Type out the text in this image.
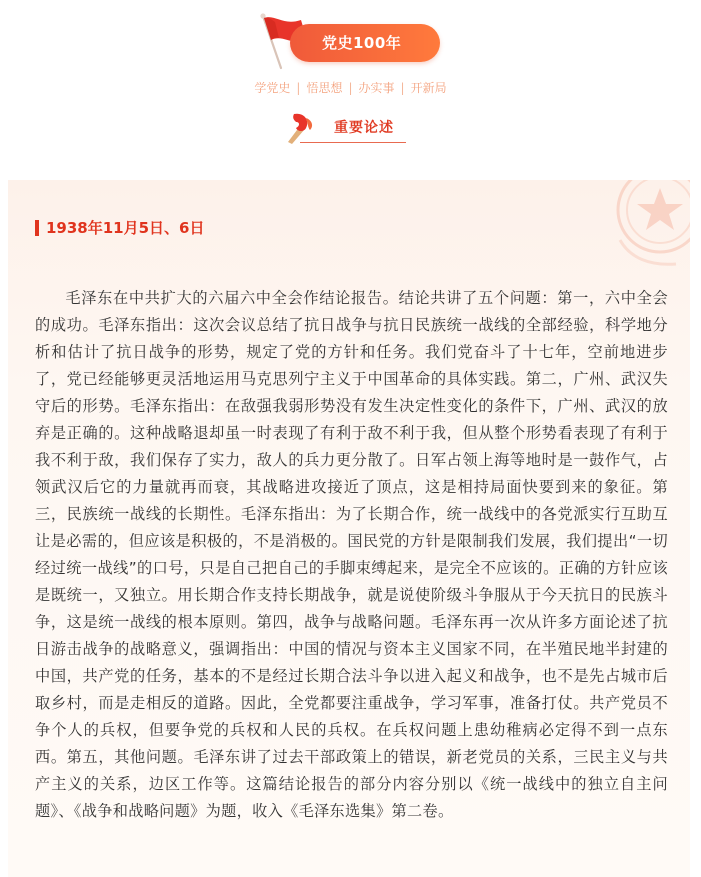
党史100年
学党史 | 悟思想 | 办实事 | 开新局
重要论述
1938年11月5日、6日

毛泽东在中共扩大的六届六中全会作结论报告。结论共讲了五个问题：第一，六中全会的成功。毛泽东指出：这次会议总结了抗日战争与抗日民族统一战线的全部经验，科学地分析和估计了抗日战争的形势，规定了党的方针和任务。我们党奋斗了十七年，空前地进步了，党已经能够更灵活地运用马克思列宁主义于中国革命的具体实践。第二，广州、武汉失守后的形势。毛泽东指出：在敌强我弱形势没有发生决定性变化的条件下，广州、武汉的放弃是正确的。这种战略退却虽一时表现了有利于敌不利于我，但从整个形势看表现了有利于我不利于敌，我们保存了实力，敌人的兵力更分散了。日军占领上海等地时是一鼓作气，占领武汉后它的力量就再而衰，其战略进攻接近了顶点，这是相持局面快要到来的象征。第三，民族统一战线的长期性。毛泽东指出：为了长期合作，统一战线中的各党派实行互助互让是必需的，但应该是积极的，不是消极的。国民党的方针是限制我们发展，我们提出“一切经过统一战线”的口号，只是自己把自己的手脚束缚起来，是完全不应该的。正确的方针应该是既统一，又独立。用长期合作支持长期战争，就是说使阶级斗争服从于今天抗日的民族斗争，这是统一战线的根本原则。第四，战争与战略问题。毛泽东再一次从许多方面论述了抗日游击战争的战略意义，强调指出：中国的情况与资本主义国家不同，在半殖民地半封建的中国，共产党的任务，基本的不是经过长期合法斗争以进入起义和战争，也不是先占城市后取乡村，而是走相反的道路。因此，全党都要注重战争，学习军事，准备打仗。共产党员不争个人的兵权，但要争党的兵权和人民的兵权。在兵权问题上患幼稚病必定得不到一点东西。第五，其他问题。毛泽东讲了过去干部政策上的错误，新老党员的关系，三民主义与共产主义的关系，边区工作等。这篇结论报告的部分内容分别以《统一战线中的独立自主问题》、《战争和战略问题》为题，收入《毛泽东选集》第二卷。
